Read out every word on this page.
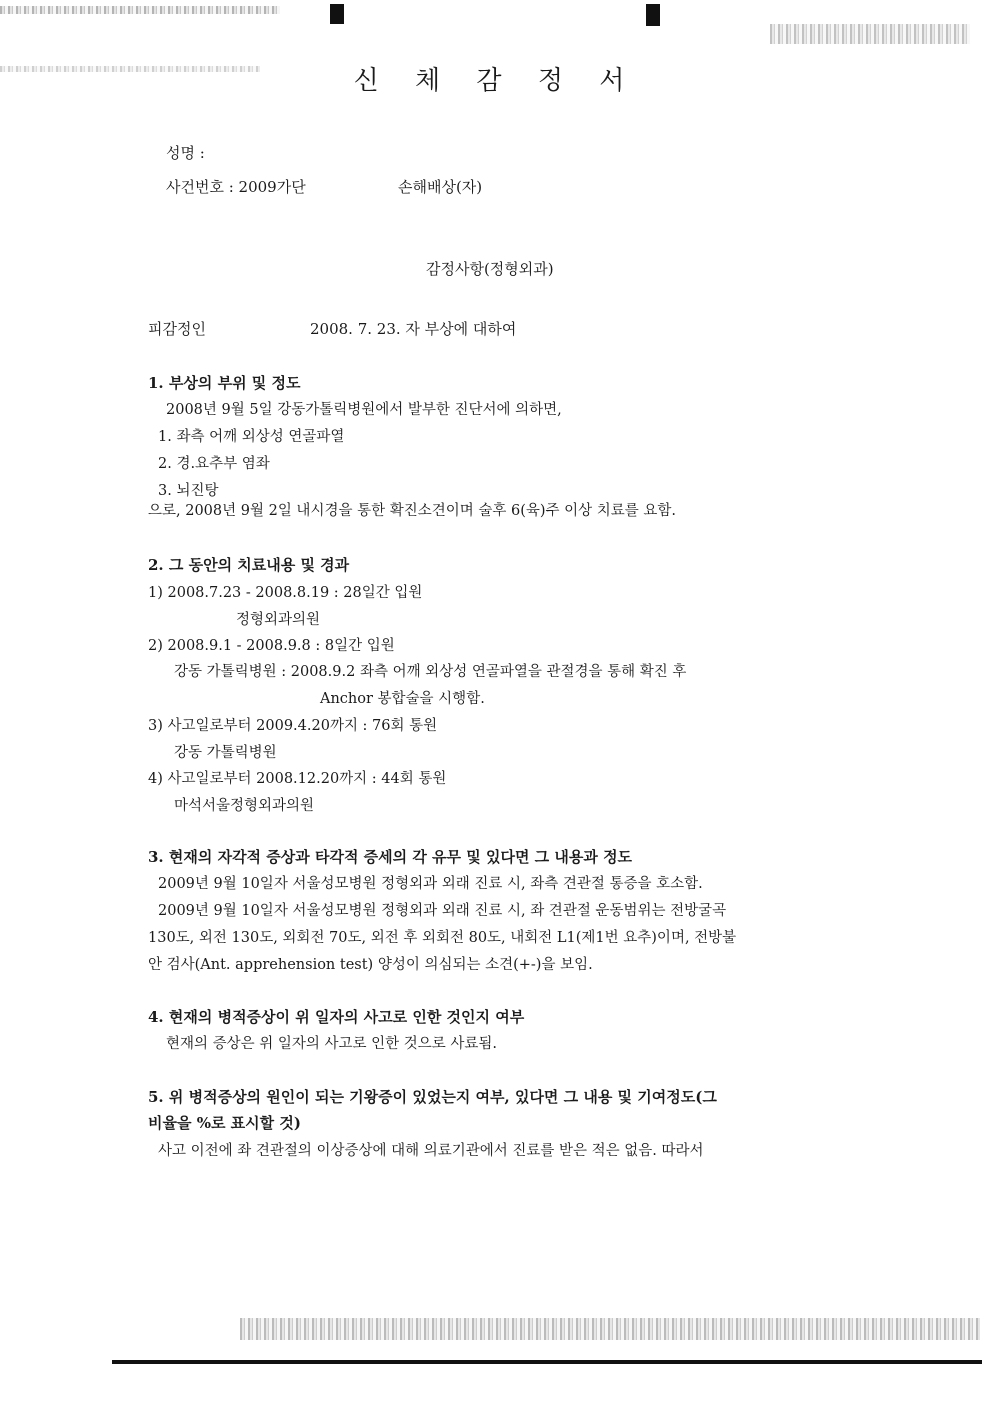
신 체 감 정 서
성명 :
사건번호 : 2009가단	손해배상(자)
감정사항(정형외과)
피감정인	2008. 7. 23. 자 부상에 대하여
1. 부상의 부위 및 정도
2008년 9월 5일 강동가톨릭병원에서 발부한 진단서에 의하면,
1. 좌측 어깨 외상성 연골파열
2. 경.요추부 염좌
3. 뇌진탕
으로, 2008년 9월 2일 내시경을 통한 확진소견이며 술후 6(육)주 이상 치료를 요함.
2. 그 동안의 치료내용 및 경과
1) 2008.7.23 - 2008.8.19 : 28일간 입원
정형외과의원
2) 2008.9.1 - 2008.9.8 : 8일간 입원
강동 가톨릭병원 : 2008.9.2 좌측 어깨 외상성 연골파열을 관절경을 통해 확진 후
Anchor 봉합술을 시행함.
3) 사고일로부터 2009.4.20까지 : 76회 통원
강동 가톨릭병원
4) 사고일로부터 2008.12.20까지 : 44회 통원
마석서울정형외과의원
3. 현재의 자각적 증상과 타각적 증세의 각 유무 및 있다면 그 내용과 정도
2009년 9월 10일자 서울성모병원 정형외과 외래 진료 시, 좌측 견관절 통증을 호소함.
2009년 9월 10일자 서울성모병원 정형외과 외래 진료 시, 좌 견관절 운동범위는 전방굴곡
130도, 외전 130도, 외회전 70도, 외전 후 외회전 80도, 내회전 L1(제1번 요추)이며, 전방불
안 검사(Ant. apprehension test) 양성이 의심되는 소견(+-)을 보임.
4. 현재의 병적증상이 위 일자의 사고로 인한 것인지 여부
현재의 증상은 위 일자의 사고로 인한 것으로 사료됨.
5. 위 병적증상의 원인이 되는 기왕증이 있었는지 여부, 있다면 그 내용 및 기여정도(그
비율을 %로 표시할 것)
사고 이전에 좌 견관절의 이상증상에 대해 의료기관에서 진료를 받은 적은 없음. 따라서
